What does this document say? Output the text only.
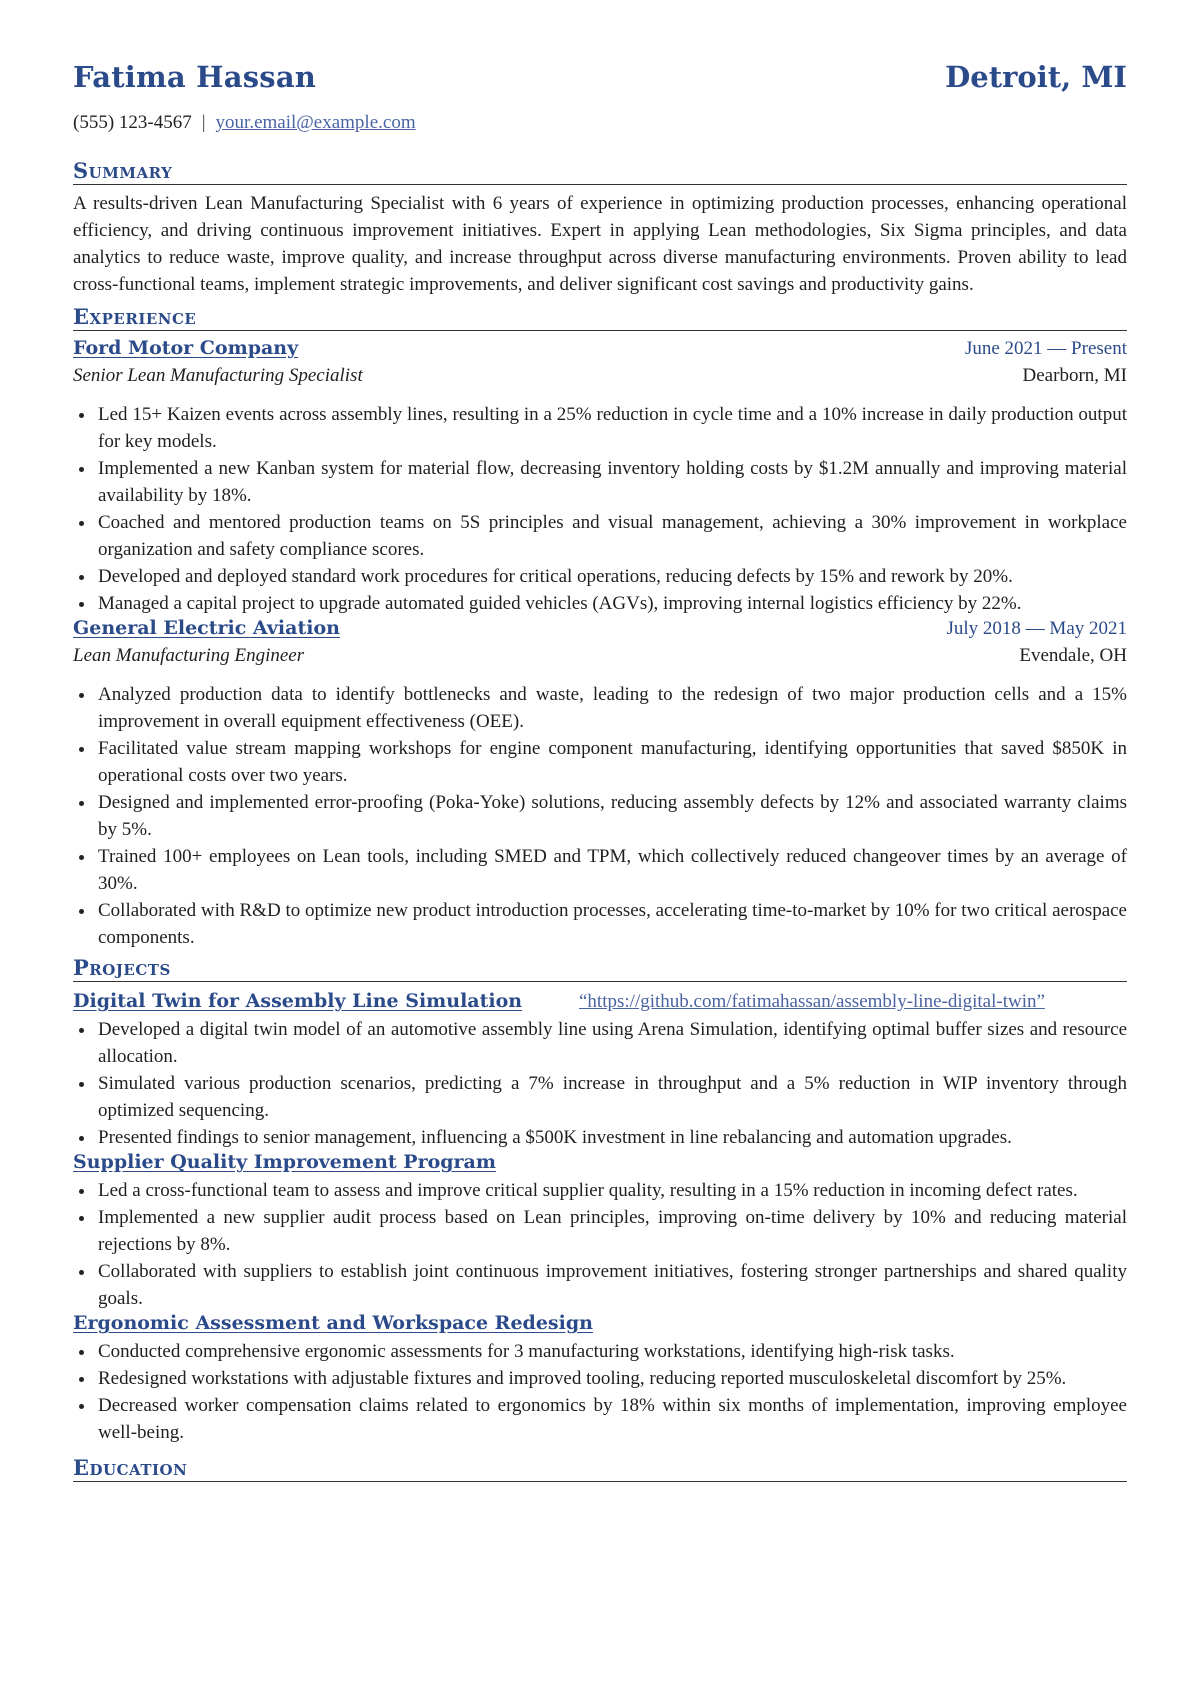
Fatima Hassan	Detroit, MI
(555) 123-4567 | your.email@example.com
Summary
A results-driven Lean Manufacturing Specialist with 6 years of experience in optimizing production processes, enhancing operational efficiency, and driving continuous improvement initiatives. Expert in applying Lean methodologies, Six Sigma principles, and data analytics to reduce waste, improve quality, and increase throughput across diverse manufacturing environments. Proven ability to lead cross-functional teams, implement strategic improvements, and deliver significant cost savings and productivity gains.
Experience
Ford Motor Company	June 2021 — Present
Senior Lean Manufacturing Specialist	Dearborn, MI
Led 15+ Kaizen events across assembly lines, resulting in a 25% reduction in cycle time and a 10% increase in daily production output for key models.
Implemented a new Kanban system for material flow, decreasing inventory holding costs by $1.2M annually and improving material availability by 18%.
Coached and mentored production teams on 5S principles and visual management, achieving a 30% improvement in workplace organization and safety compliance scores.
Developed and deployed standard work procedures for critical operations, reducing defects by 15% and rework by 20%.
Managed a capital project to upgrade automated guided vehicles (AGVs), improving internal logistics efficiency by 22%.
General Electric Aviation	July 2018 — May 2021
Lean Manufacturing Engineer	Evendale, OH
Analyzed production data to identify bottlenecks and waste, leading to the redesign of two major production cells and a 15% improvement in overall equipment effectiveness (OEE).
Facilitated value stream mapping workshops for engine component manufacturing, identifying opportunities that saved $850K in operational costs over two years.
Designed and implemented error-proofing (Poka-Yoke) solutions, reducing assembly defects by 12% and associated warranty claims by 5%.
Trained 100+ employees on Lean tools, including SMED and TPM, which collectively reduced changeover times by an average of 30%.
Collaborated with R&D to optimize new product introduction processes, accelerating time-to-market by 10% for two critical aerospace components.
Projects
Digital Twin for Assembly Line Simulation	“https://github.com/fatimahassan/assembly-line-digital-twin”
Developed a digital twin model of an automotive assembly line using Arena Simulation, identifying optimal buffer sizes and resource allocation.
Simulated various production scenarios, predicting a 7% increase in throughput and a 5% reduction in WIP inventory through optimized sequencing.
Presented findings to senior management, influencing a $500K investment in line rebalancing and automation upgrades.
Supplier Quality Improvement Program
Led a cross-functional team to assess and improve critical supplier quality, resulting in a 15% reduction in incoming defect rates.
Implemented a new supplier audit process based on Lean principles, improving on-time delivery by 10% and reducing material rejections by 8%.
Collaborated with suppliers to establish joint continuous improvement initiatives, fostering stronger partnerships and shared quality goals.
Ergonomic Assessment and Workspace Redesign
Conducted comprehensive ergonomic assessments for 3 manufacturing workstations, identifying high-risk tasks.
Redesigned workstations with adjustable fixtures and improved tooling, reducing reported musculoskeletal discomfort by 25%.
Decreased worker compensation claims related to ergonomics by 18% within six months of implementation, improving employee well-being.
Education
